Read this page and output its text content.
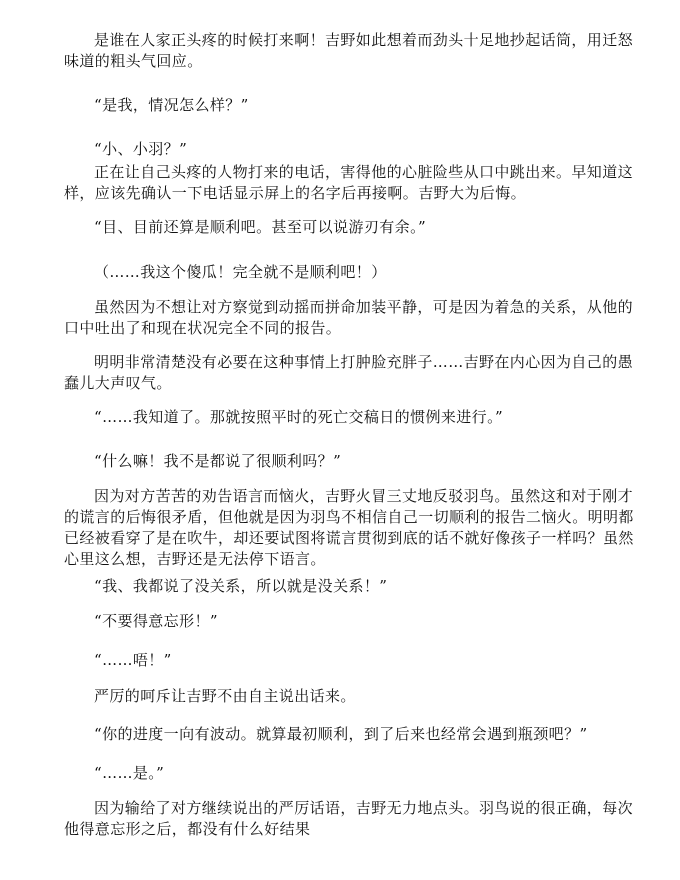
是谁在人家正头疼的时候打来啊！吉野如此想着而劲头十足地抄起话筒，用迁怒味道的粗头气回应。

“是我，情况怎么样？”

“小、小羽？”

正在让自己头疼的人物打来的电话，害得他的心脏险些从口中跳出来。早知道这样，应该先确认一下电话显示屏上的名字后再接啊。吉野大为后悔。

“目、目前还算是顺利吧。甚至可以说游刃有余。”

（……我这个傻瓜！完全就不是顺利吧！）

虽然因为不想让对方察觉到动摇而拼命加装平静，可是因为着急的关系，从他的口中吐出了和现在状况完全不同的报告。

明明非常清楚没有必要在这种事情上打肿脸充胖子……吉野在内心因为自己的愚蠢儿大声叹气。

“……我知道了。那就按照平时的死亡交稿日的惯例来进行。”

“什么嘛！我不是都说了很顺利吗？”

因为对方苦苦的劝告语言而恼火，吉野火冒三丈地反驳羽鸟。虽然这和对于刚才的谎言的后悔很矛盾，但他就是因为羽鸟不相信自己一切顺利的报告二恼火。明明都已经被看穿了是在吹牛，却还要试图将谎言贯彻到底的话不就好像孩子一样吗？虽然心里这么想，吉野还是无法停下语言。

“我、我都说了没关系，所以就是没关系！”

“不要得意忘形！”

“……唔！”

严厉的呵斥让吉野不由自主说出话来。

“你的进度一向有波动。就算最初顺利，到了后来也经常会遇到瓶颈吧？”

“……是。”

因为输给了对方继续说出的严厉话语，吉野无力地点头。羽鸟说的很正确，每次他得意忘形之后，都没有什么好结果
